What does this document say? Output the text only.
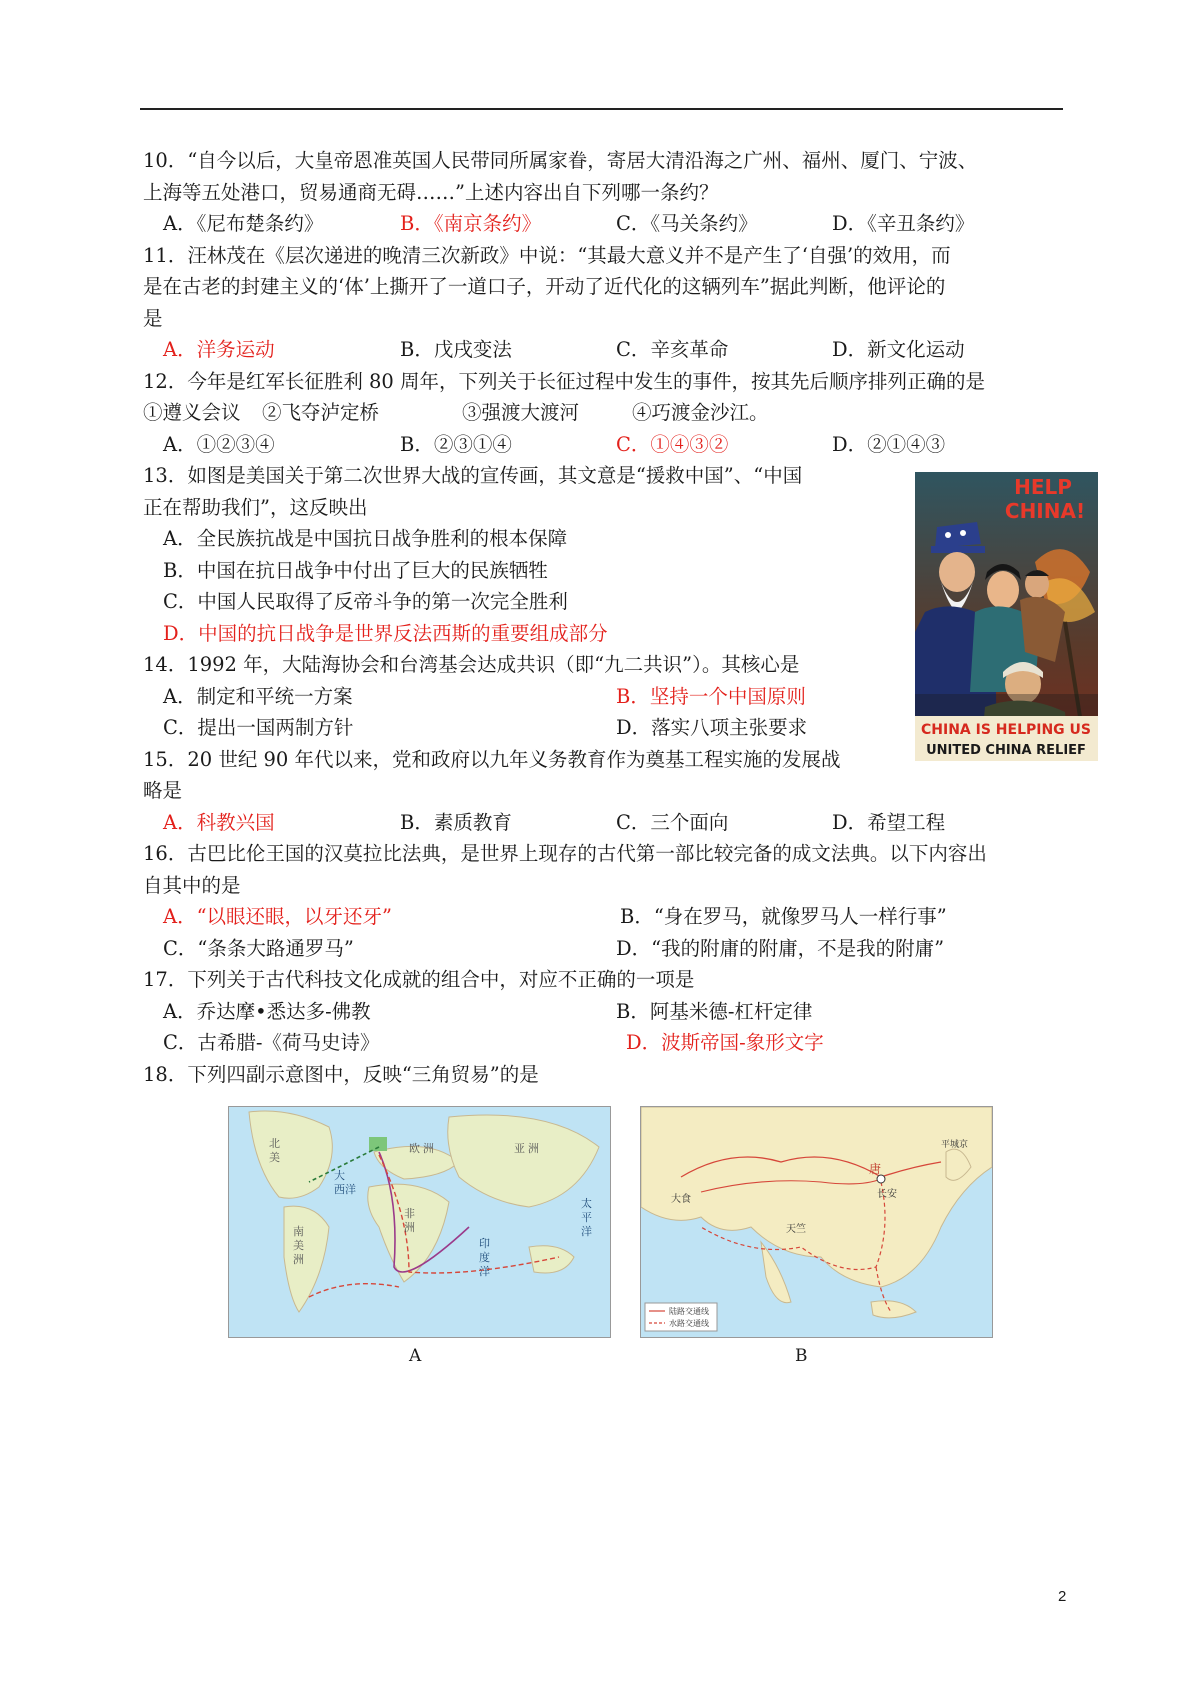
10．“自今以后，大皇帝恩准英国人民带同所属家眷，寄居大清沿海之广州、福州、厦门、宁波、
上海等五处港口，贸易通商无碍……”上述内容出自下列哪一条约？
A．《尼布楚条约》	B．《南京条约》	C．《马关条约》	D．《辛丑条约》
11．汪林茂在《层次递进的晚清三次新政》中说：“其最大意义并不是产生了‘自强’的效用，而
是在古老的封建主义的‘体’上撕开了一道口子，开动了近代化的这辆列车”据此判断，他评论的
是
A．洋务运动	B．戊戌变法	C．辛亥革命	D．新文化运动
12．今年是红军长征胜利 80 周年，下列关于长征过程中发生的事件，按其先后顺序排列正确的是
①遵义会议 ②飞夺泸定桥	③强渡大渡河	④巧渡金沙江。
A．①②③④	B．②③①④	C．①④③②	D．②①④③
13．如图是美国关于第二次世界大战的宣传画，其文意是“援救中国”、“中国
正在帮助我们”，这反映出
A．全民族抗战是中国抗日战争胜利的根本保障
B．中国在抗日战争中付出了巨大的民族牺牲
C．中国人民取得了反帝斗争的第一次完全胜利
D．中国的抗日战争是世界反法西斯的重要组成部分
HELP
CHINA!
CHINA IS HELPING US
UNITED CHINA RELIEF
14．1992 年，大陆海协会和台湾基会达成共识（即“九二共识”）。其核心是
A．制定和平统一方案	B．坚持一个中国原则
C．提出一国两制方针	D．落实八项主张要求
15．20 世纪 90 年代以来，党和政府以九年义务教育作为奠基工程实施的发展战
略是
A．科教兴国	B．素质教育	C．三个面向	D．希望工程
16．古巴比伦王国的汉莫拉比法典，是世界上现存的古代第一部比较完备的成文法典。以下内容出
自其中的是
A．“以眼还眼，以牙还牙”	B．“身在罗马，就像罗马人一样行事”
C．“条条大路通罗马”	D．“我的附庸的附庸，不是我的附庸”
17．下列关于古代科技文化成就的组合中，对应不正确的一项是
A．乔达摩•悉达多-佛教	B．阿基米德-杠杆定律
C．古希腊-《荷马史诗》	D．波斯帝国-象形文字
18．下列四副示意图中，反映“三角贸易”的是
大
西洋
非
洲
欧 洲	亚 洲
印
度
洋
太
平
洋
南
美
洲
北
美
A
唐
长安
大食
天竺
平城京
陆路交通线
水路交通线
B
2
